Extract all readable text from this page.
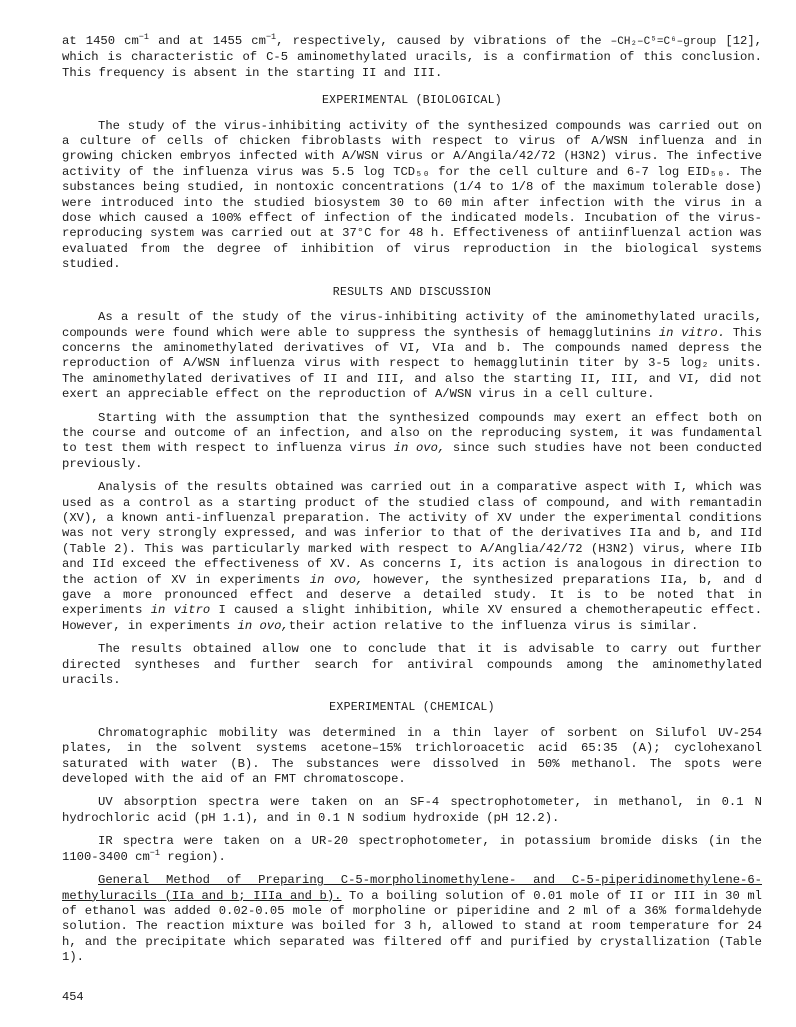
at 1450 $cm^{-1}$ and at 1455 $cm^{-1}$, respectively, caused by vibrations of the –CH₂–C⁵=C⁶–group [12], which is characteristic of C-5 aminomethylated uracils, is a confirmation of this conclusion. This frequency is absent in the starting II and III.

EXPERIMENTAL (BIOLOGICAL)

The study of the virus-inhibiting activity of the synthesized compounds was carried out on a culture of cells of chicken fibroblasts with respect to virus of A/WSN influenza and in growing chicken embryos infected with A/WSN virus or A/Angila/42/72 (H3N2) virus. The infective activity of the influenza virus was 5.5 log TCD₅₀ for the cell culture and 6-7 log EID₅₀. The substances being studied, in nontoxic concentrations (1/4 to 1/8 of the maximum tolerable dose) were introduced into the studied biosystem 30 to 60 min after infection with the virus in a dose which caused a 100% effect of infection of the indicated models. Incubation of the virus-reproducing system was carried out at 37°C for 48 h. Effectiveness of antiinfluenzal action was evaluated from the degree of inhibition of virus reproduction in the biological systems studied.

RESULTS AND DISCUSSION

As a result of the study of the virus-inhibiting activity of the aminomethylated uracils, compounds were found which were able to suppress the synthesis of hemagglutinins in vitro. This concerns the aminomethylated derivatives of VI, VIa and b. The compounds named depress the reproduction of A/WSN influenza virus with respect to hemagglutinin titer by 3-5 log₂ units. The aminomethylated derivatives of II and III, and also the starting II, III, and VI, did not exert an appreciable effect on the reproduction of A/WSN virus in a cell culture.

Starting with the assumption that the synthesized compounds may exert an effect both on the course and outcome of an infection, and also on the reproducing system, it was fundamental to test them with respect to influenza virus in ovo, since such studies have not been conducted previously.

Analysis of the results obtained was carried out in a comparative aspect with I, which was used as a control as a starting product of the studied class of compound, and with remantadin (XV), a known anti-influenzal preparation. The activity of XV under the experimental conditions was not very strongly expressed, and was inferior to that of the derivatives IIa and b, and IId (Table 2). This was particularly marked with respect to A/Anglia/42/72 (H3N2) virus, where IIb and IId exceed the effectiveness of XV. As concerns I, its action is analogous in direction to the action of XV in experiments in ovo, however, the synthesized preparations IIa, b, and d gave a more pronounced effect and deserve a detailed study. It is to be noted that in experiments in vitro I caused a slight inhibition, while XV ensured a chemotherapeutic effect. However, in experiments in ovo,their action relative to the influenza virus is similar.

The results obtained allow one to conclude that it is advisable to carry out further directed syntheses and further search for antiviral compounds among the aminomethylated uracils.

EXPERIMENTAL (CHEMICAL)

Chromatographic mobility was determined in a thin layer of sorbent on Silufol UV-254 plates, in the solvent systems acetone–15% trichloroacetic acid 65:35 (A); cyclohexanol saturated with water (B). The substances were dissolved in 50% methanol. The spots were developed with the aid of an FMT chromatoscope.

UV absorption spectra were taken on an SF-4 spectrophotometer, in methanol, in 0.1 N hydrochloric acid (pH 1.1), and in 0.1 N sodium hydroxide (pH 12.2).

IR spectra were taken on a UR-20 spectrophotometer, in potassium bromide disks (in the 1100-3400 $cm^{-1}$ region).

General Method of Preparing C-5-morpholinomethylene- and C-5-piperidinomethylene-6-methyluracils (IIa and b; IIIa and b). To a boiling solution of 0.01 mole of II or III in 30 ml of ethanol was added 0.02-0.05 mole of morpholine or piperidine and 2 ml of a 36% formaldehyde solution. The reaction mixture was boiled for 3 h, allowed to stand at room temperature for 24 h, and the precipitate which separated was filtered off and purified by crystallization (Table 1).

454
